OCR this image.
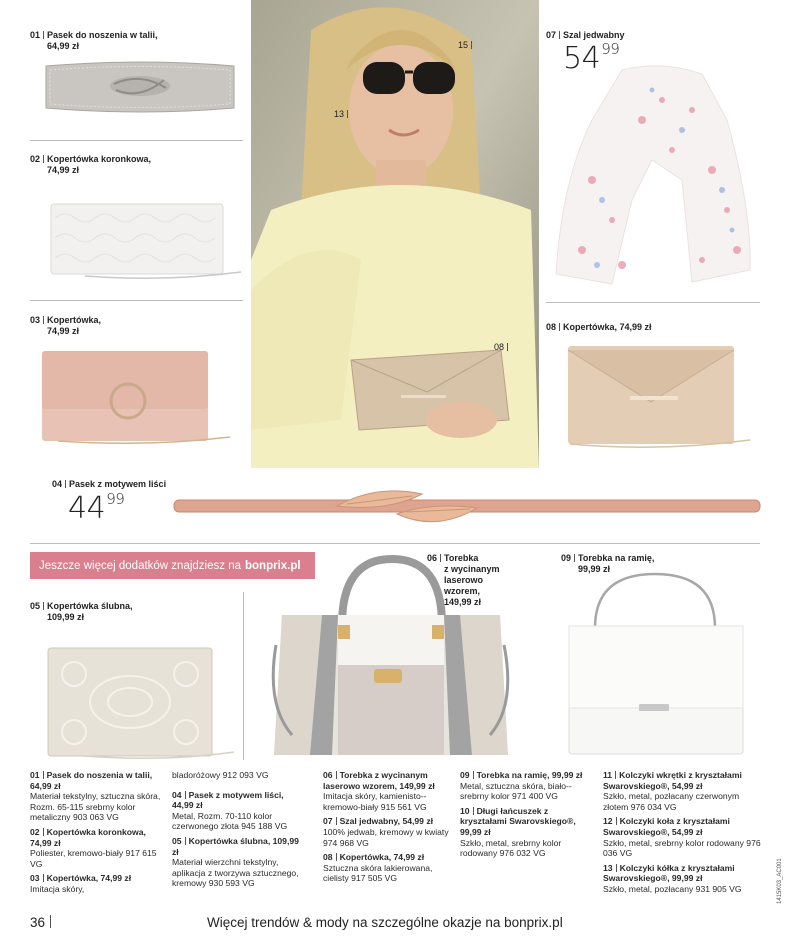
01 Pasek do noszenia w talii,
64,99 zł
02 Kopertówka koronkowa,
74,99 zł
03 Kopertówka,
74,99 zł
15
13
08
07 Szal jedwabny
$54^{99}$
08 Kopertówka, 74,99 zł
04 Pasek z motywem liści
$44^{99}$
Jeszcze więcej dodatków znajdziesz na bonprix.pl
05 Kopertówka ślubna,
109,99 zł
06 Torebka
z wycinanym
laserowo
wzorem,
149,99 zł
09 Torebka na ramię,
99,99 zł
01 Pasek do noszenia w talii, 64,99 zł
Materiał tekstylny, sztuczna skóra, Rozm. 65-115 srebrny kolor metaliczny 903 063 VG
02 Kopertówka koronkowa, 74,99 zł
Poliester, kremowo-biały 917 615 VG
03 Kopertówka, 74,99 zł
Imitacja skóry,
bladoróżowy 912 093 VG
04 Pasek z motywem liści, 44,99 zł
Metal, Rozm. 70-110 kolor czerwonego złota 945 188 VG
05 Kopertówka ślubna, 109,99 zł
Materiał wierzchni tekstylny, aplikacja z tworzywa sztucznego, kremowy 930 593 VG
06 Torebka z wycinanym laserowo wzorem, 149,99 zł
Imitacja skóry, kamienisto--kremowo-biały 915 561 VG
07 Szal jedwabny, 54,99 zł
100% jedwab, kremowy w kwiaty 974 968 VG
08 Kopertówka, 74,99 zł
Sztuczna skóra lakierowana, cielisty 917 505 VG
09 Torebka na ramię, 99,99 zł
Metal, sztuczna skóra, biało--srebrny kolor 971 400 VG
10 Długi łańcuszek z kryształami Swarovskiego®, 99,99 zł
Szkło, metal, srebrny kolor rodowany 976 032 VG
11 Kolczyki wkrętki z kryształami Swarovskiego®, 54,99 zł
Szkło, metal, pozłacany czerwonym złotem 976 034 VG
12 Kolczyki koła z kryształami Swarovskiego®, 54,99 zł
Szkło, metal, srebrny kolor rodowany 976 036 VG
13 Kolczyki kółka z kryształami Swarovskiego®, 99,99 zł
Szkło, metal, pozłacany 931 905 VG
36	Więcej trendów & mody na szczególne okazje na bonprix.pl
1415K03_AC001
